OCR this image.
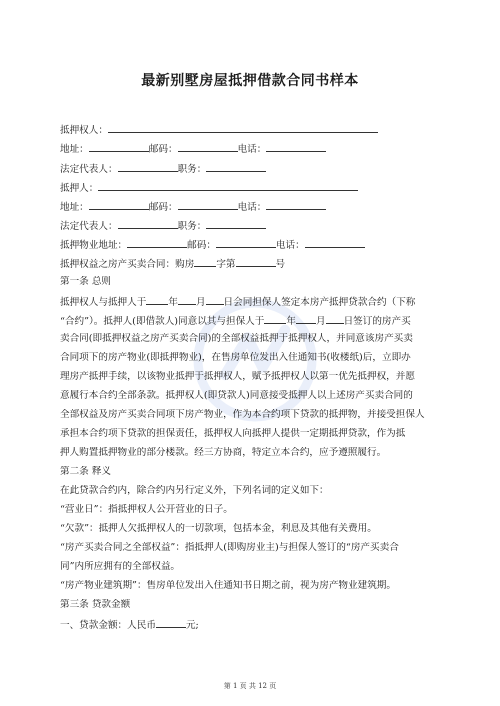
最新别墅房屋抵押借款合同书样本
抵押权人：
地址：	邮码：	电话：
法定代表人：	职务：
抵押人：
地址：	邮码：	电话：
法定代表人：	职务：
抵押物业地址：	邮码：	电话：
抵押权益之房产买卖合同：购房 字第	号
第一条 总则
抵押权人与抵押人于 年 月 日会同担保人签定本房产抵押贷款合约（下称
“合约”）。抵押人(即借款人)同意以其与担保人于 年 月 日签订的房产买
卖合同(即抵押权益之房产买卖合同)的全部权益抵押于抵押权人，并同意该房产买卖
合同项下的房产物业(即抵押物业)，在售房单位发出入住通知书(收楼纸)后，立即办
理房产抵押手续，以该物业抵押于抵押权人，赋予抵押权人以第一优先抵押权，并愿
意履行本合约全部条款。抵押权人(即贷款人)同意接受抵押人以上述房产买卖合同的
全部权益及房产买卖合同项下房产物业，作为本合约项下贷款的抵押物，并接受担保人
承担本合约项下贷款的担保责任，抵押权人向抵押人提供一定期抵押贷款，作为抵
押人购置抵押物业的部分楼款。经三方协商，特定立本合约，应予遵照履行。
第二条 释义
在此贷款合约内，除合约内另行定义外，下列名词的定义如下：
“营业日”：指抵押权人公开营业的日子。
“欠款”：抵押人欠抵押权人的一切款项，包括本金，利息及其他有关费用。
“房产买卖合同之全部权益”：指抵押人(即购房业主)与担保人签订的“房产买卖合
同”内所应拥有的全部权益。
“房产物业建筑期”：售房单位发出入住通知书日期之前，视为房产物业建筑期。
第三条 贷款金额
一、贷款金额：人民币	元;
第 1 页 共 12 页
